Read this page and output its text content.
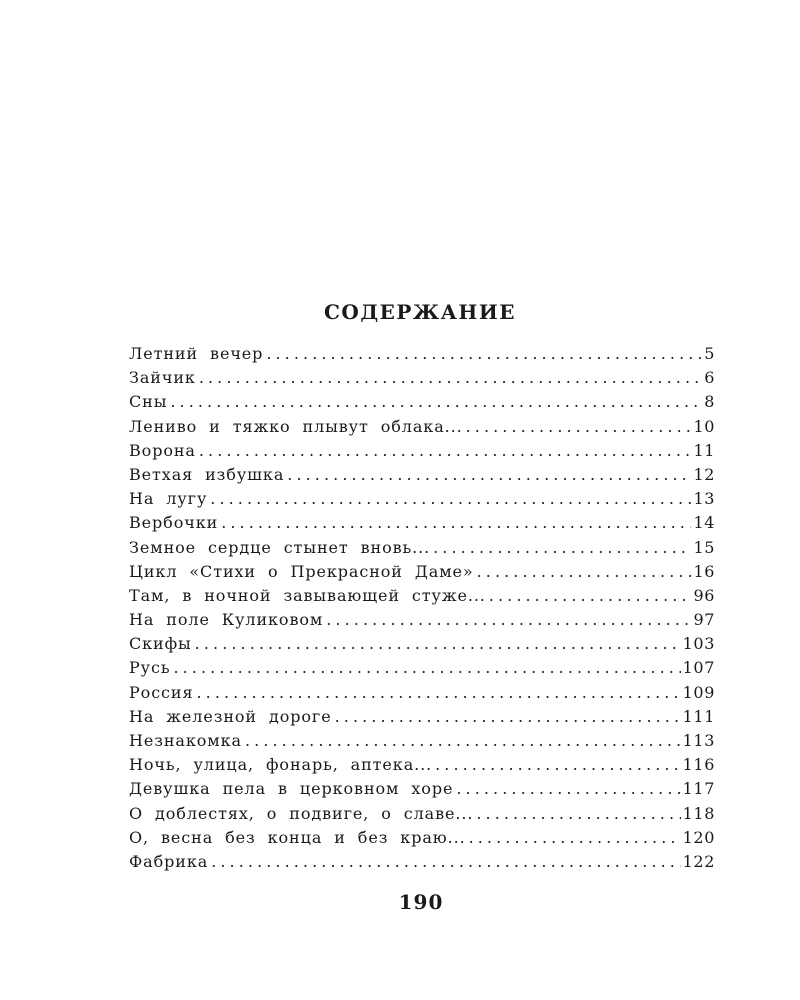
СОДЕРЖАНИЕ
Летний вечер . . .	5
Зайчик . . .	6
Сны . . .	8
Лениво и тяжко плывут облака... . . .	10
Ворона . . .	11
Ветхая избушка . . .	12
На лугу . . .	13
Вербочки . . .	14
Земное сердце стынет вновь... . . .	15
Цикл «Стихи о Прекрасной Даме» . . .	16
Там, в ночной завывающей стуже... . . .	96
На поле Куликовом . . .	97
Скифы . . .	103
Русь . . .	107
Россия . . .	109
На железной дороге . . .	111
Незнакомка . . .	113
Ночь, улица, фонарь, аптека... . . .	116
Девушка пела в церковном хоре . . .	117
О доблестях, о подвиге, о славе... . . .	118
О, весна без конца и без краю... . . .	120
Фабрика . . .	122

190
